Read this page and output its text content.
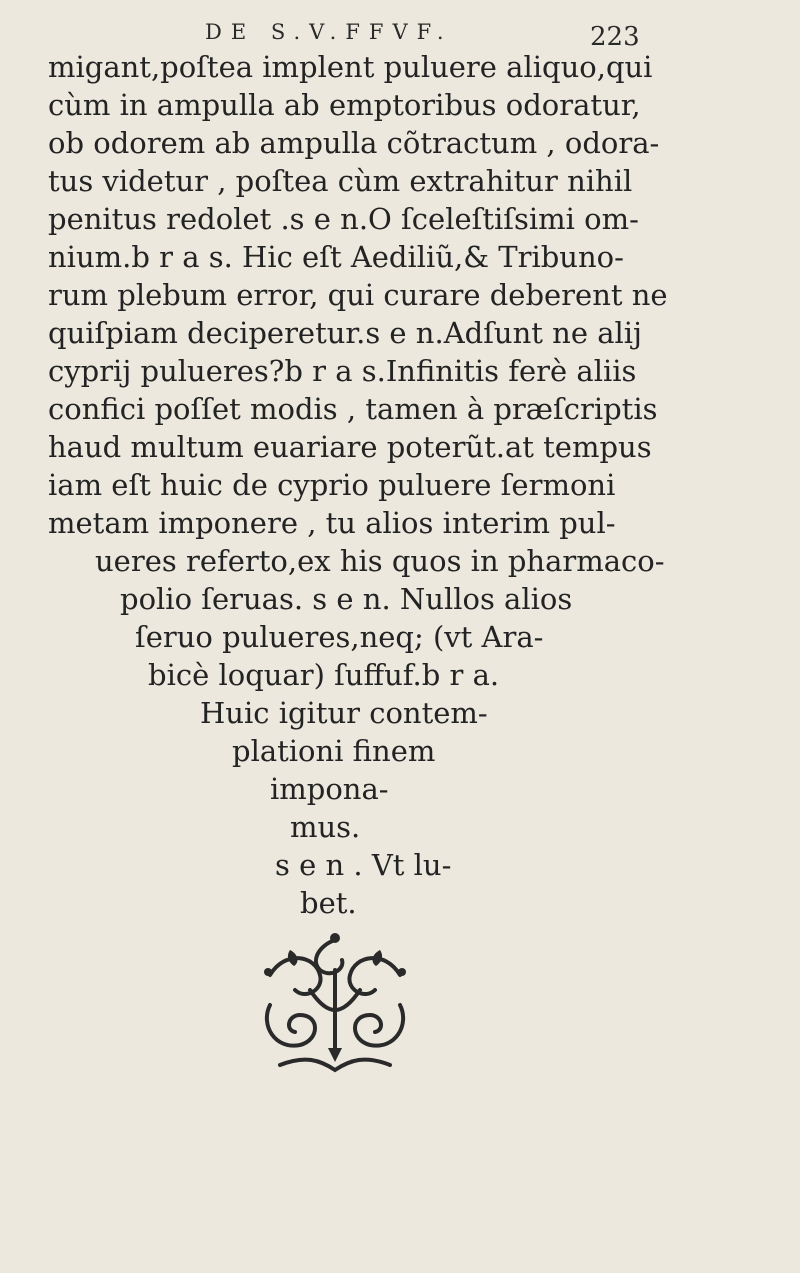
DE S.V.FFVF.	223
migant,poſtea implent puluere aliquo,qui
cùm in ampulla ab emptoribus odoratur,
ob odorem ab ampulla cõtractum , odora-
tus videtur , poſtea cùm extrahitur nihil
penitus redolet .s e n.O ſceleſtiſsimi om-
nium.b r a s. Hic eſt Aediliũ,& Tribuno-
rum plebum error, qui curare deberent ne
quiſpiam deciperetur.s e n.Adſunt ne alij
cyprij pulueres?b r a s.Infinitis ferè aliis
confici poſſet modis , tamen à præſcriptis
haud multum euariare poterũt.at tempus
iam eſt huic de cyprio puluere ſermoni
metam imponere , tu alios interim pul-
ueres referto,ex his quos in pharmaco-
polio ſeruas. s e n. Nullos alios
ſeruo pulueres,neq; (vt Ara-
bicè loquar) ſuffuf.b r a.
Huic igitur contem-
plationi finem
impona-
mus.
s e n . Vt lu-
bet.
